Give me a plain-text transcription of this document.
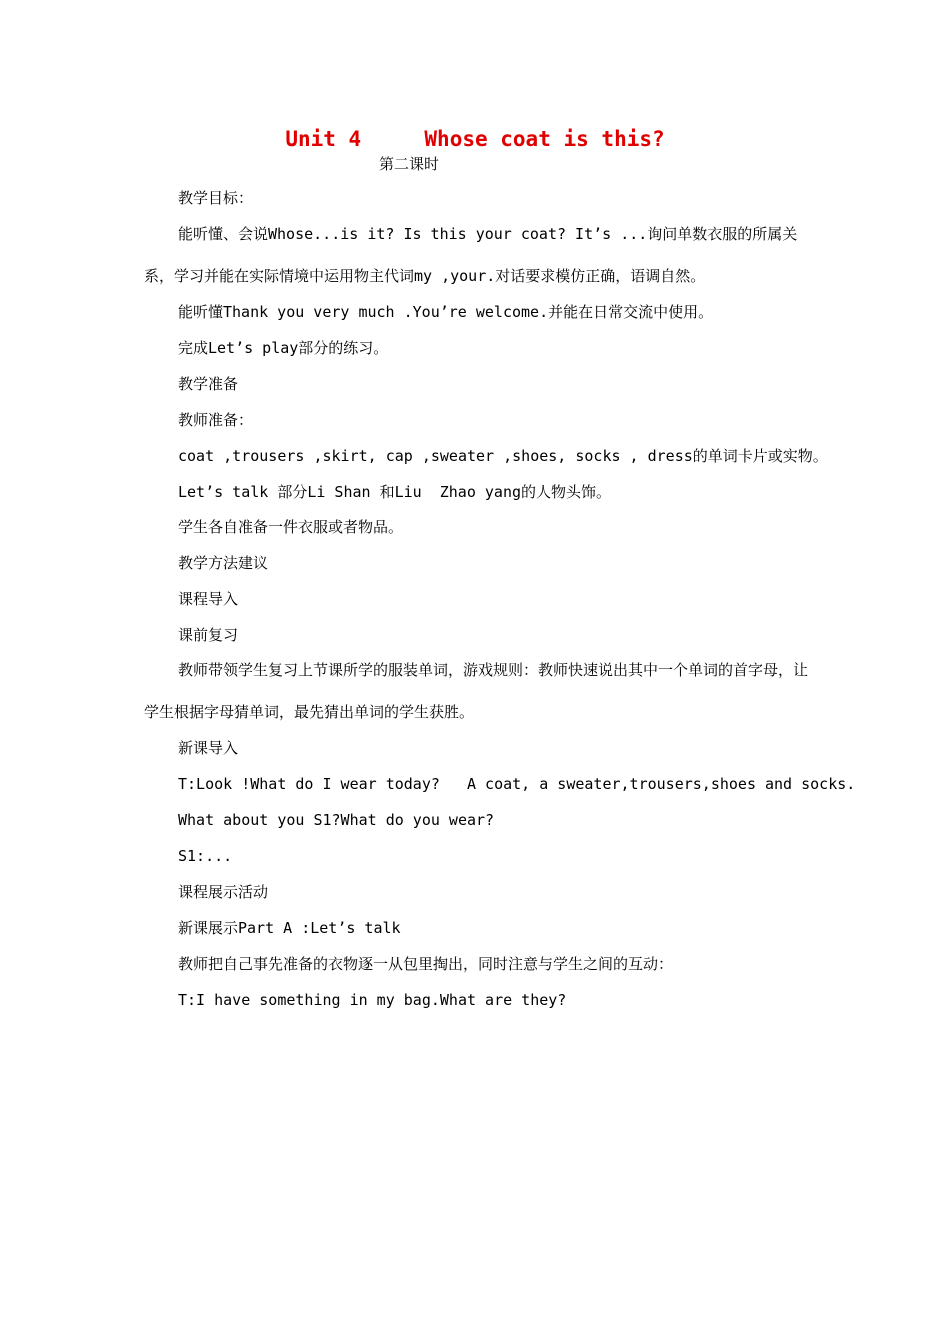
Unit 4     Whose coat is this?
第二课时
教学目标：
能听懂、会说Whose...is it? Is this your coat? It’s ...询问单数衣服的所属关系，学习并能在实际情境中运用物主代词my ,your.对话要求模仿正确，语调自然。
能听懂Thank you very much .You’re welcome.并能在日常交流中使用。
完成Let’s play部分的练习。
教学准备
教师准备：
coat ,trousers ,skirt, cap ,sweater ,shoes, socks , dress的单词卡片或实物。
Let’s talk 部分Li Shan 和Liu  Zhao yang的人物头饰。
学生各自准备一件衣服或者物品。
教学方法建议
课程导入
课前复习
教师带领学生复习上节课所学的服装单词，游戏规则：教师快速说出其中一个单词的首字母，让学生根据字母猜单词，最先猜出单词的学生获胜。
新课导入
T:Look !What do I wear today?   A coat, a sweater,trousers,shoes and socks.
What about you S1?What do you wear?
S1:...
课程展示活动
新课展示Part A :Let’s talk
教师把自己事先准备的衣物逐一从包里掏出，同时注意与学生之间的互动：
T:I have something in my bag.What are they?
